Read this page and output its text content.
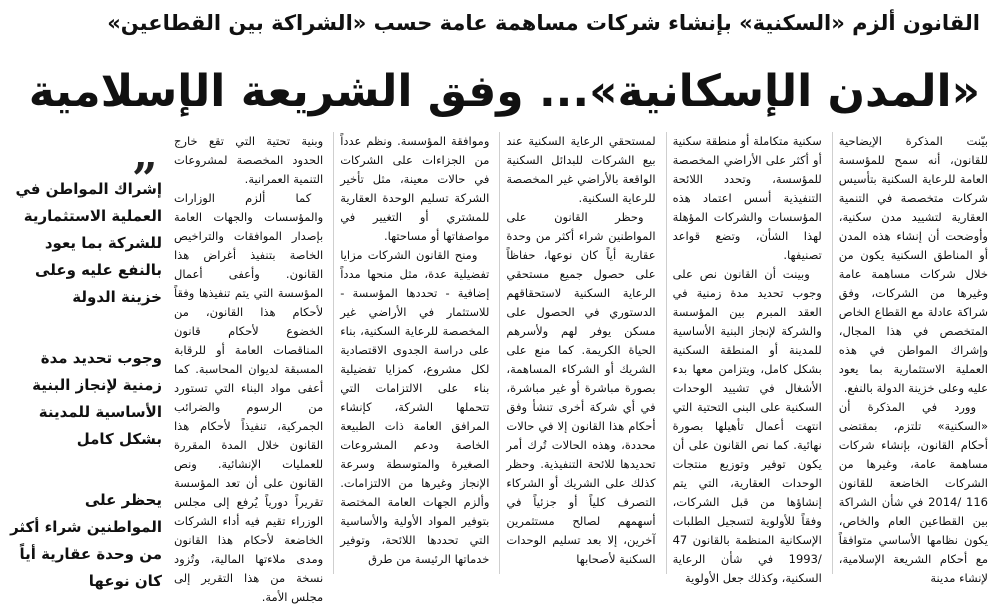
القانون ألزم «السكنية» بإنشاء شركات مساهمة عامة حسب «الشراكة بين القطاعين»
«المدن الإسكانية»... وفق الشريعة الإسلامية

بيّنت المذكرة الإيضاحية للقانون، أنه سمح للمؤسسة العامة للرعاية السكنية بتأسيس شركات متخصصة في التنمية العقارية لتشييد مدن سكنية، وأوضحت أن إنشاء هذه المدن أو المناطق السكنية يكون من خلال شركات مساهمة عامة وغيرها من الشركات، وفق شراكة عادلة مع القطاع الخاص المتخصص في هذا المجال، وإشراك المواطن في هذه العملية الاستثمارية بما يعود عليه وعلى خزينة الدولة بالنفع.

وورد في المذكرة أن «السكنية» تلتزم، بمقتضى أحكام القانون، بإنشاء شركات مساهمة عامة، وغيرها من الشركات الخاضعة للقانون 116 /2014 في شأن الشراكة بين القطاعين العام والخاص، يكون نظامها الأساسي متوافقاً مع أحكام الشريعة الإسلامية، لإنشاء مدينة

سكنية متكاملة أو منطقة سكنية أو أكثر على الأراضي المخصصة للمؤسسة، وتحدد اللائحة التنفيذية أسس اعتماد هذه المؤسسات والشركات المؤهلة لهذا الشأن، وتضع قواعد تصنيفها.

وبينت أن القانون نص على وجوب تحديد مدة زمنية في العقد المبرم بين المؤسسة والشركة لإنجاز البنية الأساسية للمدينة أو المنطقة السكنية بشكل كامل، ويتزامن معها بدء الأشغال في تشييد الوحدات السكنية على البنى التحتية التي انتهت أعمال تأهيلها بصورة نهائية. كما نص القانون على أن يكون توفير وتوزيع منتجات الوحدات العقارية، التي يتم إنشاؤها من قبل الشركات، وفقاً للأولوية لتسجيل الطلبات الإسكانية المنظمة بالقانون 47 /1993 في شأن الرعاية السكنية، وكذلك جعل الأولوية

لمستحقي الرعاية السكنية عند بيع الشركات للبدائل السكنية الواقعة بالأراضي غير المخصصة للرعاية السكنية.

وحظر القانون على المواطنين شراء أكثر من وحدة عقارية أياً كان نوعها، حفاظاً على حصول جميع مستحقي الرعاية السكنية لاستحقاقهم الدستوري في الحصول على مسكن يوفر لهم ولأسرهم الحياة الكريمة. كما منع على الشريك أو الشركاء المساهمة، بصورة مباشرة أو غير مباشرة، في أي شركة أخرى تنشأ وفق أحكام هذا القانون إلا في حالات محددة، وهذه الحالات تُرك أمر تحديدها للائحة التنفيذية. وحظر كذلك على الشريك أو الشركاء التصرف كلياً أو جزئياً في أسهمهم لصالح مستثمرين آخرين، إلا بعد تسليم الوحدات السكنية لأصحابها

وموافقة المؤسسة. ونظم عدداً من الجزاءات على الشركات في حالات معينة، مثل تأخير الشركة تسليم الوحدة العقارية للمشتري أو التغيير في مواصفاتها أو مساحتها.

ومنح القانون الشركات مزايا تفضيلية عدة، مثل منحها مدداً إضافية - تحددها المؤسسة - للاستثمار في الأراضي غير المخصصة للرعاية السكنية، بناء على دراسة الجدوى الاقتصادية لكل مشروع، كمزايا تفضيلية بناء على الالتزامات التي تتحملها الشركة، كإنشاء المرافق العامة ذات الطبيعة الخاصة ودعم المشروعات الصغيرة والمتوسطة وسرعة الإنجاز وغيرها من الالتزامات. وألزم الجهات العامة المختصة بتوفير المواد الأولية والأساسية التي تحددها اللائحة، وتوفير خدماتها الرئيسة من طرق

وبنية تحتية التي تقع خارج الحدود المخصصة لمشروعات التنمية العمرانية.

كما ألزم الوزارات والمؤسسات والجهات العامة بإصدار الموافقات والتراخيص الخاصة بتنفيذ أغراض هذا القانون. وأعفى أعمال المؤسسة التي يتم تنفيذها وفقاً لأحكام هذا القانون، من الخضوع لأحكام قانون المناقصات العامة أو للرقابة المسبقة لديوان المحاسبة. كما أعفى مواد البناء التي تستورد من الرسوم والضرائب الجمركية، تنفيذاً لأحكام هذا القانون خلال المدة المقررة للعمليات الإنشائية. ونص القانون على أن تعد المؤسسة تقريراً دورياً يُرفع إلى مجلس الوزراء تقيم فيه أداء الشركات الخاضعة لأحكام هذا القانون ومدى ملاءتها المالية، وتُزود نسخة من هذا التقرير إلى مجلس الأمة.

„
إشراك المواطن في العملية الاستثمارية للشركة بما يعود بالنفع عليه وعلى خزينة الدولة
وجوب تحديد مدة زمنية لإنجاز البنية الأساسية للمدينة بشكل كامل
يحظر على المواطنين شراء أكثر من وحدة عقارية أياً كان نوعها
